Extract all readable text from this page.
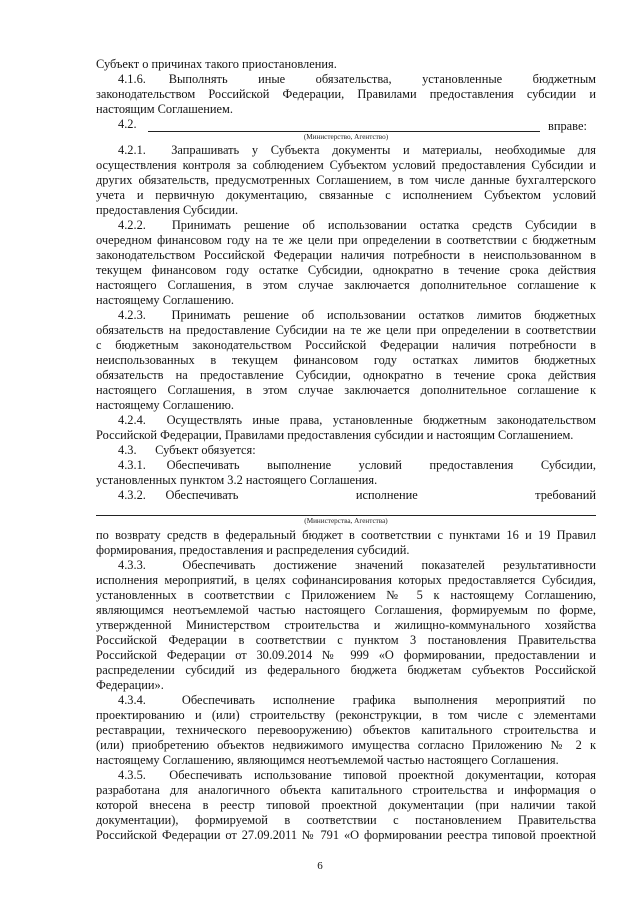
Субъект о причинах такого приостановления.
4.1.6.   Выполнять    иные    обязательства,    установленные    бюджетным
законодательством Российской Федерации, Правилами предоставления субсидии и
настоящим Соглашением.
4.2.	вправе:
(Министерство, Агентство)
4.2.1.  Запрашивать у Субъекта документы и материалы, необходимые для
осуществления контроля за соблюдением Субъектом условий предоставления Субсидии и
других обязательств, предусмотренных Соглашением, в том числе данные бухгалтерского
учета и первичную документацию, связанные с исполнением Субъектом условий
предоставления Субсидии.
4.2.2.  Принимать решение об использовании остатка средств Субсидии в
очередном финансовом году на те же цели при определении в соответствии с бюджетным
законодательством Российской Федерации наличия потребности в неиспользованном в
текущем финансовом году остатке Субсидии, однократно в течение срока действия
настоящего Соглашения, в этом случае заключается дополнительное соглашение к
настоящему Соглашению.
4.2.3.  Принимать решение об использовании остатков лимитов бюджетных
обязательств на предоставление Субсидии на те же цели при определении в соответствии
с бюджетным законодательством Российской Федерации наличия потребности в
неиспользованных в текущем финансовом году остатках лимитов бюджетных
обязательств на предоставление Субсидии, однократно в течение срока действия
настоящего Соглашения, в этом случае заключается дополнительное соглашение к
настоящему Соглашению.
4.2.4.  Осуществлять иные права, установленные бюджетным законодательством
Российской Федерации, Правилами предоставления субсидии и настоящим Соглашением.
4.3.      Субъект обязуется:
4.3.1.   Обеспечивать    выполнение    условий    предоставления    Субсидии,
установленных пунктом 3.2 настоящего Соглашения.
4.3.2.   Обеспечивать                  исполнение                  требований
(Министерства, Агентства)
по возврату средств в федеральный бюджет в соответствии с пунктами 16 и 19 Правил
формирования, предоставления и распределения субсидий.
4.3.3.  Обеспечивать достижение значений показателей результативности
исполнения мероприятий, в целях софинансирования которых предоставляется Субсидия,
установленных в соответствии с Приложением № 5 к настоящему Соглашению,
являющимся неотъемлемой частью настоящего Соглашения, формируемым по форме,
утвержденной Министерством строительства и жилищно-коммунального хозяйства
Российской Федерации в соответствии с пунктом 3 постановления Правительства
Российской Федерации от 30.09.2014 № 999 «О формировании, предоставлении и
распределении субсидий из федерального бюджета бюджетам субъектов Российской
Федерации».
4.3.4.  Обеспечивать исполнение графика выполнения мероприятий по
проектированию и (или) строительству (реконструкции, в том числе с элементами
реставрации, технического перевооружению) объектов капитального строительства и
(или) приобретению объектов недвижимого имущества согласно Приложению № 2 к
настоящему Соглашению, являющимся неотъемлемой частью настоящего Соглашения.
4.3.5.  Обеспечивать использование типовой проектной документации, которая
разработана для аналогичного объекта капитального строительства и информация о
которой внесена в реестр типовой проектной документации (при наличии такой
документации), формируемой в соответствии с постановлением Правительства
Российской Федерации от 27.09.2011 № 791 «О формировании реестра типовой проектной
6
